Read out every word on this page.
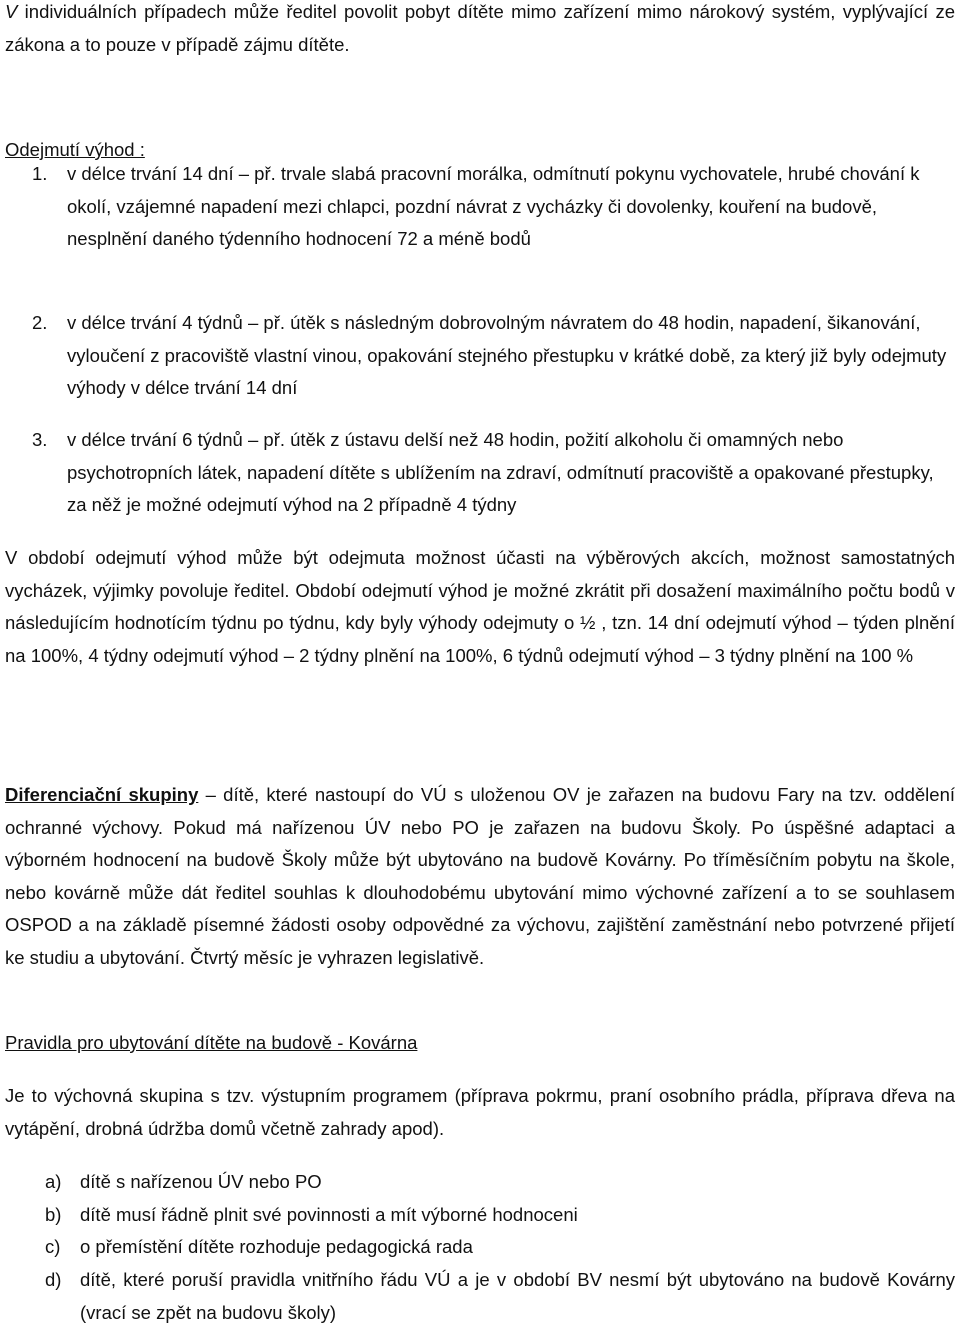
V individuálních případech může ředitel povolit pobyt dítěte mimo zařízení mimo nárokový systém, vyplývající ze zákona a to pouze v případě zájmu dítěte.

Odejmutí výhod :

1. v délce trvání 14 dní – př. trvale slabá pracovní morálka, odmítnutí pokynu vychovatele, hrubé chování k okolí, vzájemné napadení mezi chlapci, pozdní návrat z vycházky či dovolenky, kouření na budově, nesplnění daného týdenního hodnocení 72 a méně bodů
2. v délce trvání 4 týdnů – př. útěk s následným dobrovolným návratem do 48 hodin, napadení, šikanování, vyloučení z pracoviště vlastní vinou, opakování stejného přestupku v krátké době, za který již byly odejmuty výhody v délce trvání 14 dní
3. v délce trvání 6 týdnů – př. útěk z ústavu delší než 48 hodin, požití alkoholu či omamných nebo psychotropních látek, napadení dítěte s ublížením na zdraví, odmítnutí pracoviště a opakované přestupky, za něž je možné odejmutí výhod na 2 případně 4 týdny

V období odejmutí výhod může být odejmuta možnost účasti na výběrových akcích, možnost samostatných vycházek, výjimky povoluje ředitel. Období odejmutí výhod je možné zkrátit při dosažení maximálního počtu bodů v následujícím hodnotícím týdnu po týdnu, kdy byly výhody odejmuty o ½ , tzn. 14 dní odejmutí výhod – týden plnění na 100%, 4 týdny odejmutí výhod – 2 týdny plnění na 100%, 6 týdnů odejmutí výhod – 3 týdny plnění na 100 %

Diferenciační skupiny – dítě, které nastoupí do VÚ s uloženou OV je zařazen na budovu Fary na tzv. oddělení ochranné výchovy. Pokud má nařízenou ÚV nebo PO je zařazen na budovu Školy. Po úspěšné adaptaci a výborném hodnocení na budově Školy může být ubytováno na budově Kovárny. Po tříměsíčním pobytu na škole, nebo kovárně může dát ředitel souhlas k dlouhodobému ubytování mimo výchovné zařízení a to se souhlasem OSPOD a na základě písemné žádosti osoby odpovědné za výchovu, zajištění zaměstnání nebo potvrzené přijetí ke studiu a ubytování. Čtvrtý měsíc je vyhrazen legislativě.

Pravidla pro ubytování dítěte na budově - Kovárna

Je to výchovná skupina s tzv. výstupním programem (příprava pokrmu, praní osobního prádla, příprava dřeva na vytápění, drobná údržba domů včetně zahrady apod).

a) dítě s nařízenou ÚV nebo PO
b) dítě musí řádně plnit své povinnosti a mít výborné hodnoceni
c) o přemístění dítěte rozhoduje pedagogická rada
d) dítě, které poruší pravidla vnitřního řádu VÚ a je v období BV nesmí být ubytováno na budově Kovárny (vrací se zpět na budovu školy)
